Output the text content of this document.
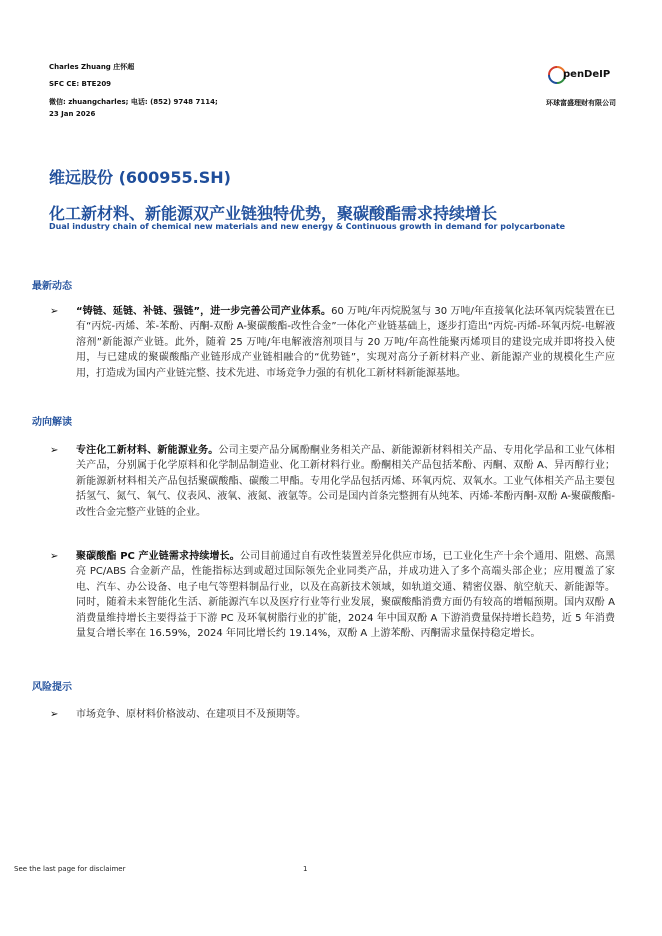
Charles Zhuang 庄怀超
SFC CE: BTE209
微信: zhuangcharles; 电话: (852) 9748 7114;
23 Jan 2026
penDeIP
环球富盛理财有限公司
维远股份 (600955.SH)
化工新材料、新能源双产业链独特优势，聚碳酸酯需求持续增长
Dual industry chain of chemical new materials and new energy & Continuous growth in demand for polycarbonate
最新动态
➢ “铸链、延链、补链、强链”，进一步完善公司产业体系。60 万吨/年丙烷脱氢与 30 万吨/年直接氧化法环氧丙烷装置在已有“丙烷-丙烯、苯-苯酚、丙酮-双酚 A-聚碳酸酯-改性合金”一体化产业链基础上，逐步打造出“丙烷-丙烯-环氧丙烷-电解液溶剂”新能源产业链。此外，随着 25 万吨/年电解液溶剂项目与 20 万吨/年高性能聚丙烯项目的建设完成并即将投入使用，与已建成的聚碳酸酯产业链形成产业链相融合的“优势链”，实现对高分子新材料产业、新能源产业的规模化生产应用，打造成为国内产业链完整、技术先进、市场竞争力强的有机化工新材料新能源基地。
动向解读
➢ 专注化工新材料、新能源业务。公司主要产品分属酚酮业务相关产品、新能源新材料相关产品、专用化学品和工业气体相关产品，分别属于化学原料和化学制品制造业、化工新材料行业。酚酮相关产品包括苯酚、丙酮、双酚 A、异丙醇行业；新能源新材料相关产品包括聚碳酸酯、碳酸二甲酯。专用化学品包括丙烯、环氧丙烷、双氧水。工业气体相关产品主要包括氢气、氮气、氧气、仪表风、液氧、液氮、液氩等。公司是国内首条完整拥有从纯苯、丙烯-苯酚丙酮-双酚 A-聚碳酸酯-改性合金完整产业链的企业。
➢ 聚碳酸酯 PC 产业链需求持续增长。公司目前通过自有改性装置差异化供应市场，已工业化生产十余个通用、阻燃、高黑亮 PC/ABS 合金新产品，性能指标达到或超过国际领先企业同类产品，并成功进入了多个高端头部企业；应用覆盖了家电、汽车、办公设备、电子电气等塑料制品行业，以及在高新技术领域，如轨道交通、精密仪器、航空航天、新能源等。同时，随着未来智能化生活、新能源汽车以及医疗行业等行业发展，聚碳酸酯消费方面仍有较高的增幅预期。国内双酚 A 消费量维持增长主要得益于下游 PC 及环氧树脂行业的扩能，2024 年中国双酚 A 下游消费量保持增长趋势，近 5 年消费量复合增长率在 16.59%，2024 年同比增长约 19.14%，双酚 A 上游苯酚、丙酮需求量保持稳定增长。
风险提示
➢ 市场竞争、原材料价格波动、在建项目不及预期等。
See the last page for disclaimer	1
